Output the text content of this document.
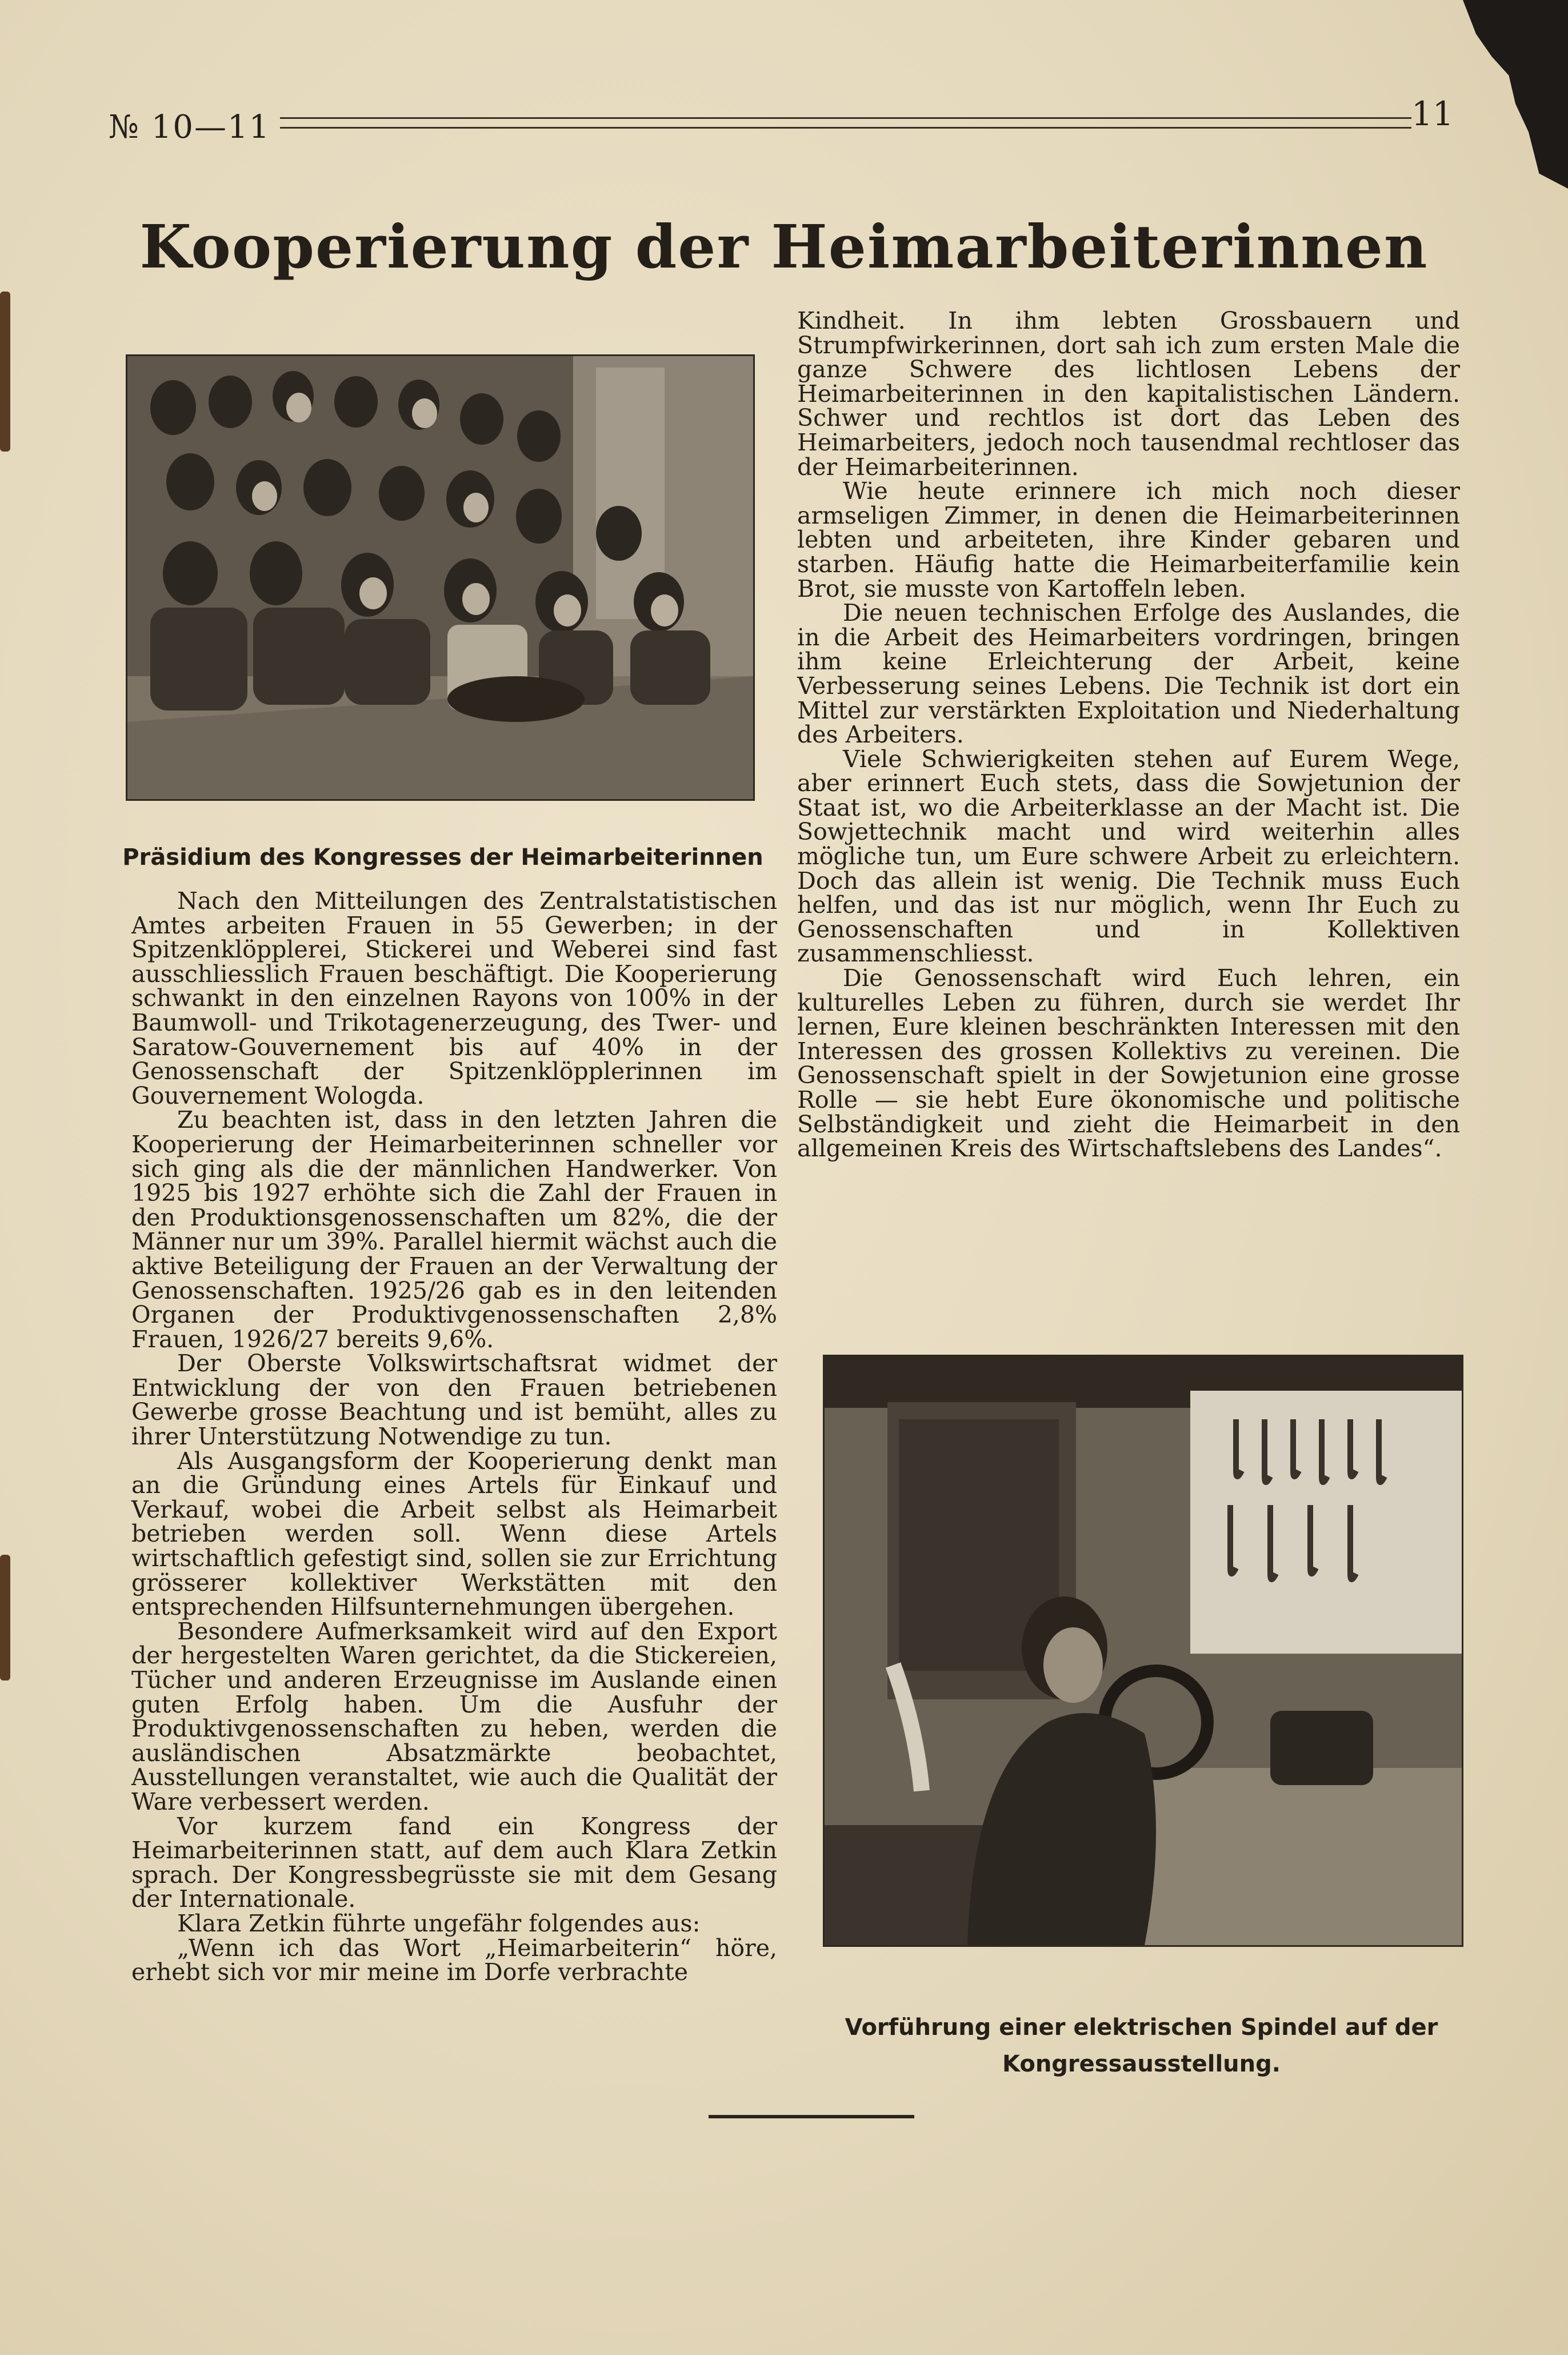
№ 10—11	11
Kooperierung der Heimarbeiterinnen
Präsidium des Kongresses der Heimarbeiterinnen

Nach den Mitteilungen des Zentralstatistischen Amtes arbeiten Frauen in 55 Gewerben; in der Spitzenklöpplerei, Stickerei und Weberei sind fast ausschliesslich Frauen beschäftigt. Die Kooperierung schwankt in den einzelnen Rayons von 100% in der Baumwoll- und Trikotagenerzeugung, des Twer- und Saratow-Gouvernement bis auf 40% in der Genossenschaft der Spitzenklöpplerinnen im Gouvernement Wologda.

Zu beachten ist, dass in den letzten Jahren die Kooperierung der Heimarbeiterinnen schneller vor sich ging als die der männlichen Handwerker. Von 1925 bis 1927 erhöhte sich die Zahl der Frauen in den Produktionsgenossenschaften um 82%, die der Männer nur um 39%. Parallel hiermit wächst auch die aktive Beteiligung der Frauen an der Verwaltung der Genossenschaften. 1925/26 gab es in den leitenden Organen der Produktivgenossenschaften 2,8% Frauen, 1926/27 bereits 9,6%.

Der Oberste Volkswirtschaftsrat widmet der Entwicklung der von den Frauen betriebenen Gewerbe grosse Beachtung und ist bemüht, alles zu ihrer Unterstützung Notwendige zu tun.

Als Ausgangsform der Kooperierung denkt man an die Gründung eines Artels für Einkauf und Verkauf, wobei die Arbeit selbst als Heimarbeit betrieben werden soll. Wenn diese Artels wirtschaftlich gefestigt sind, sollen sie zur Errichtung grösserer kollektiver Werkstätten mit den entsprechenden Hilfsunternehmungen übergehen.

Besondere Aufmerksamkeit wird auf den Export der hergestelten Waren gerichtet, da die Stickereien, Tücher und anderen Erzeugnisse im Auslande einen guten Erfolg haben. Um die Ausfuhr der Produktivgenossenschaften zu heben, werden die ausländischen Absatzmärkte beobachtet, Ausstellungen veranstaltet, wie auch die Qualität der Ware verbessert werden.

Vor kurzem fand ein Kongress der Heimarbeiterinnen statt, auf dem auch Klara Zetkin sprach. Der Kongressbegrüsste sie mit dem Gesang der Internationale.

Klara Zetkin führte ungefähr folgendes aus:

„Wenn ich das Wort „Heimarbeiterin“ höre, erhebt sich vor mir meine im Dorfe verbrachte

Kindheit. In ihm lebten Grossbauern und Strumpfwirkerinnen, dort sah ich zum ersten Male die ganze Schwere des lichtlosen Lebens der Heimarbeiterinnen in den kapitalistischen Ländern. Schwer und rechtlos ist dort das Leben des Heimarbeiters, jedoch noch tausendmal rechtloser das der Heimarbeiterinnen.

Wie heute erinnere ich mich noch dieser armseligen Zimmer, in denen die Heimarbeiterinnen lebten und arbeiteten, ihre Kinder gebaren und starben. Häufig hatte die Heimarbeiterfamilie kein Brot, sie musste von Kartoffeln leben.

Die neuen technischen Erfolge des Auslandes, die in die Arbeit des Heimarbeiters vordringen, bringen ihm keine Erleichterung der Arbeit, keine Verbesserung seines Lebens. Die Technik ist dort ein Mittel zur verstärkten Exploitation und Niederhaltung des Arbeiters.

Viele Schwierigkeiten stehen auf Eurem Wege, aber erinnert Euch stets, dass die Sowjetunion der Staat ist, wo die Arbeiterklasse an der Macht ist. Die Sowjettechnik macht und wird weiterhin alles mögliche tun, um Eure schwere Arbeit zu erleichtern. Doch das allein ist wenig. Die Technik muss Euch helfen, und das ist nur möglich, wenn Ihr Euch zu Genossenschaften und in Kollektiven zusammenschliesst.

Die Genossenschaft wird Euch lehren, ein kulturelles Leben zu führen, durch sie werdet Ihr lernen, Eure kleinen beschränkten Interessen mit den Interessen des grossen Kollektivs zu vereinen. Die Genossenschaft spielt in der Sowjetunion eine grosse Rolle — sie hebt Eure ökonomische und politische Selbständigkeit und zieht die Heimarbeit in den allgemeinen Kreis des Wirtschaftslebens des Landes“.

Vorführung einer elektrischen Spindel auf der
Kongressausstellung.
